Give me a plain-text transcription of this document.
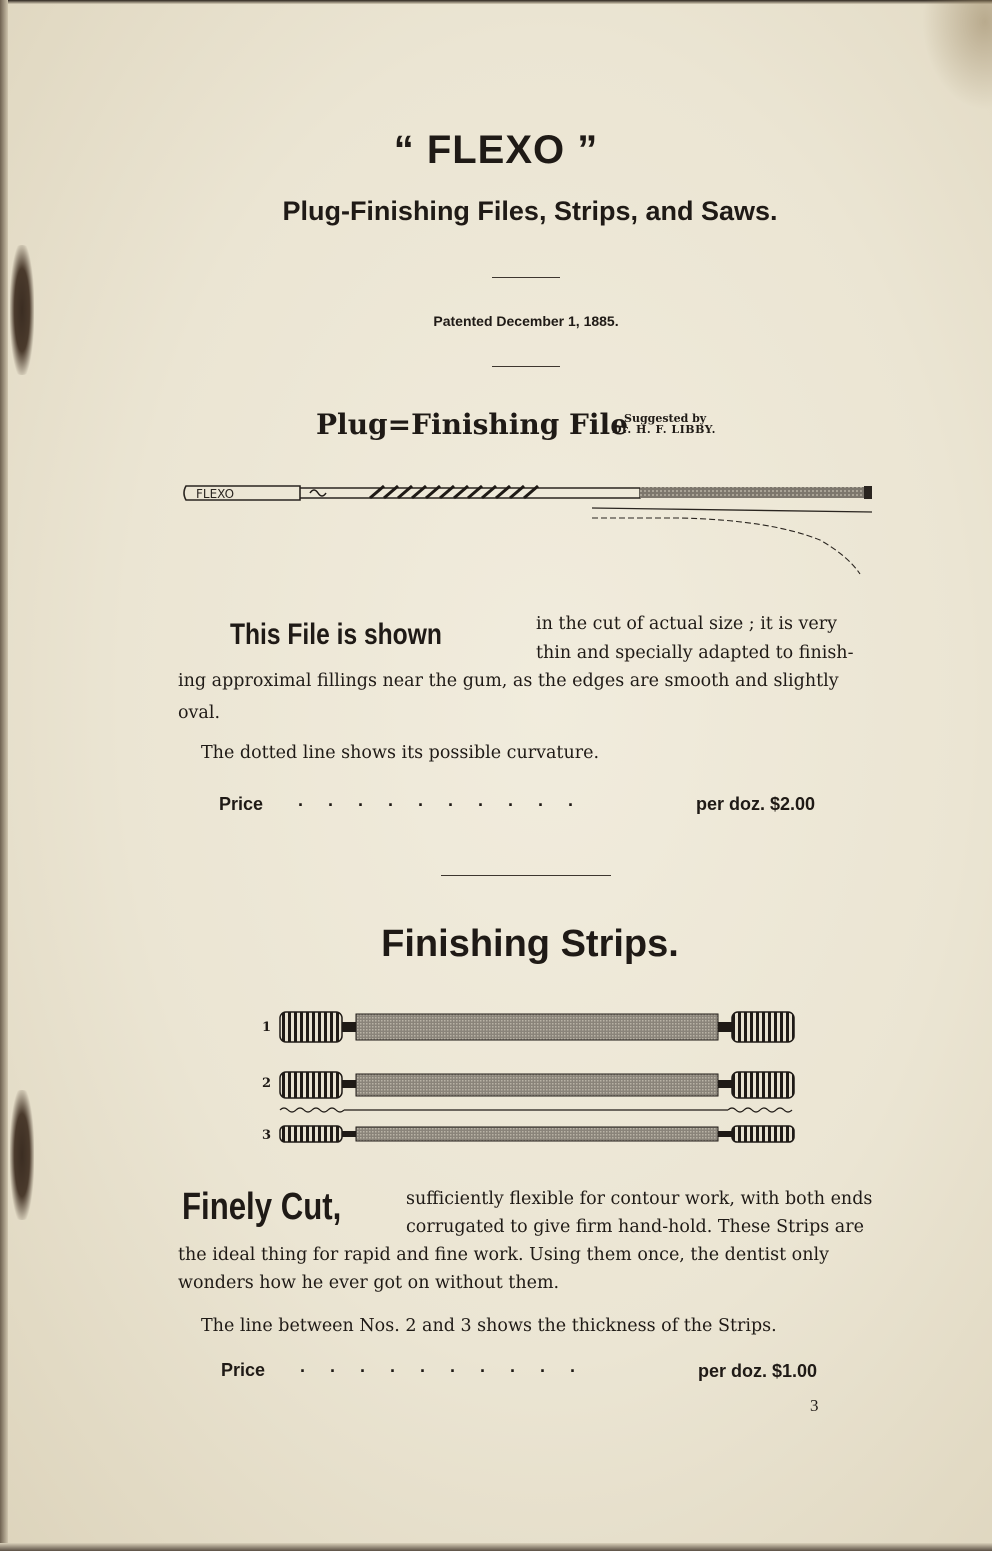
“ FLEXO ”
Plug-Finishing Files, Strips, and Saws.
Patented December 1, 1885.
Plug=Finishing File
Suggested by
Dr. H. F. LIBBY.
FLEXO
This File is shown	in the cut of actual size ; it is very
thin and specially adapted to finish-
ing approximal fillings near the gum, as the edges are smooth and slightly
oval.
The dotted line shows its possible curvature.
Price . . . . . . . . . .	per doz. $2.00
Finishing Strips.
1
2
3
Finely Cut,	sufficiently flexible for contour work, with both ends
corrugated to give firm hand-hold. These Strips are
the ideal thing for rapid and fine work. Using them once, the dentist only
wonders how he ever got on without them.
The line between Nos. 2 and 3 shows the thickness of the Strips.
Price . . . . . . . . . .	per doz. $1.00
3
